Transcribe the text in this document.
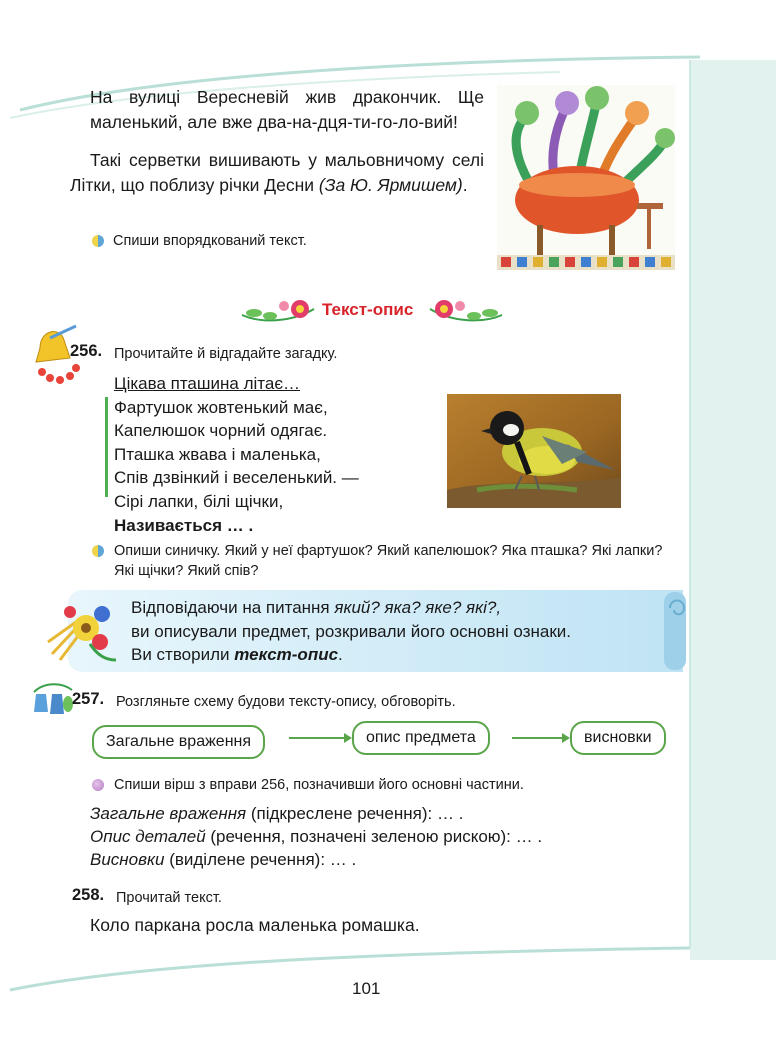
На вулиці Вересневій жив дракончик. Ще маленький, але вже два-на-дця-ти-го-ло-вий!
Такі серветки вишивають у мальовничому селі Літки, що поблизу річки Десни (За Ю. Ярмишем).
Спиши впорядкований текст.
Текст-опис
256. Прочитайте й відгадайте загадку.
Цікава пташина літає…
Фартушок жовтенький має,
Капелюшок чорний одягає.
Пташка жвава і маленька,
Спів дзвінкий і веселенький. —
Сірі лапки, білі щічки,
Називається … .
Опиши синичку. Який у неї фартушок? Який капелюшок? Яка пташка? Які лапки? Які щічки? Який спів?
Відповідаючи на питання який? яка? яке? які?,
ви описували предмет, розкривали його основні ознаки.
Ви створили текст-опис.
257. Розгляньте схему будови тексту-опису, обговоріть.
Загальне враження	опис предмета	висновки
Спиши вірш з вправи 256, позначивши його основні частини.
Загальне враження (підкреслене речення): … .
Опис деталей (речення, позначені зеленою рискою): … .
Висновки (виділене речення): … .
258. Прочитай текст.
Коло паркана росла маленька ромашка.
101
